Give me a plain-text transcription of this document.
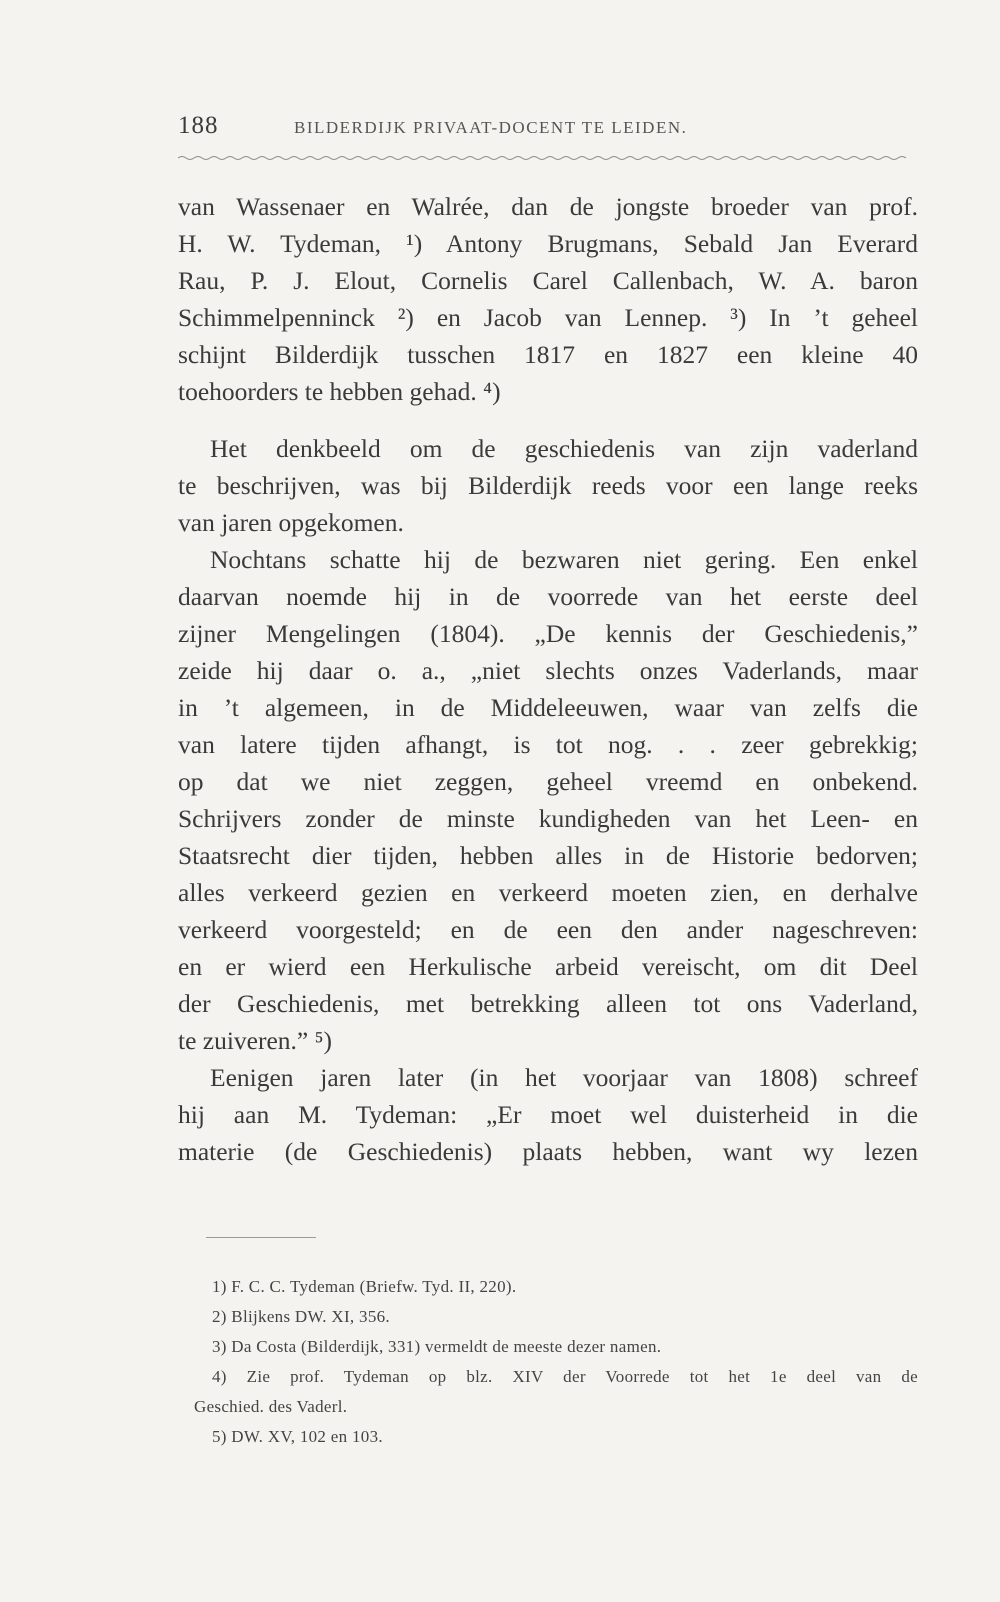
188	BILDERDIJK PRIVAAT-DOCENT TE LEIDEN.
van Wassenaer en Walrée, dan de jongste broeder van prof.
H. W. Tydeman, ¹) Antony Brugmans, Sebald Jan Everard
Rau, P. J. Elout, Cornelis Carel Callenbach, W. A. baron
Schimmelpenninck ²) en Jacob van Lennep. ³) In ’t geheel
schijnt Bilderdijk tusschen 1817 en 1827 een kleine 40
toehoorders te hebben gehad. ⁴)
Het denkbeeld om de geschiedenis van zijn vaderland
te beschrijven, was bij Bilderdijk reeds voor een lange reeks
van jaren opgekomen.
Nochtans schatte hij de bezwaren niet gering. Een enkel
daarvan noemde hij in de voorrede van het eerste deel
zijner Mengelingen (1804). „De kennis der Geschiedenis,”
zeide hij daar o. a., „niet slechts onzes Vaderlands, maar
in ’t algemeen, in de Middeleeuwen, waar van zelfs die
van latere tijden afhangt, is tot nog. . . zeer gebrekkig;
op dat we niet zeggen, geheel vreemd en onbekend.
Schrijvers zonder de minste kundigheden van het Leen- en
Staatsrecht dier tijden, hebben alles in de Historie bedorven;
alles verkeerd gezien en verkeerd moeten zien, en derhalve
verkeerd voorgesteld; en de een den ander nageschreven:
en er wierd een Herkulische arbeid vereischt, om dit Deel
der Geschiedenis, met betrekking alleen tot ons Vaderland,
te zuiveren.” ⁵)
Eenigen jaren later (in het voorjaar van 1808) schreef
hij aan M. Tydeman: „Er moet wel duisterheid in die
materie (de Geschiedenis) plaats hebben, want wy lezen
1) F. C. C. Tydeman (Briefw. Tyd. II, 220).
2) Blijkens DW. XI, 356.
3) Da Costa (Bilderdijk, 331) vermeldt de meeste dezer namen.
4) Zie prof. Tydeman op blz. XIV der Voorrede tot het 1e deel van de
Geschied. des Vaderl.
5) DW. XV, 102 en 103.
